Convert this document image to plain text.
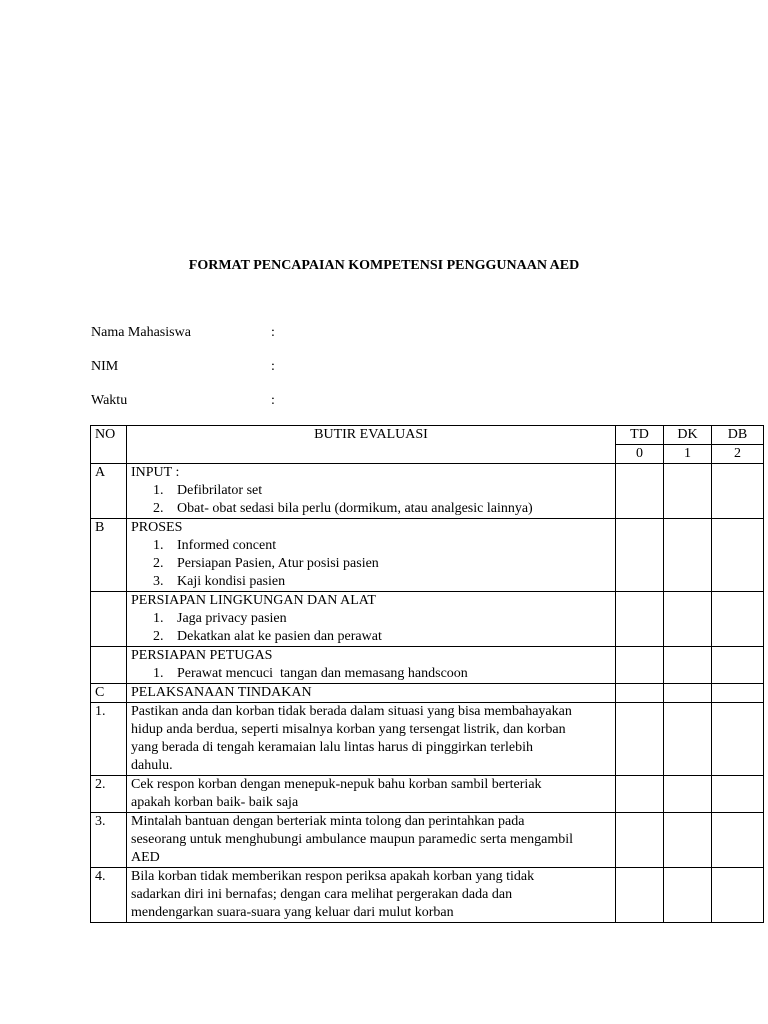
FORMAT PENCAPAIAN KOMPETENSI PENGGUNAAN AED
Nama Mahasiswa	:
NIM	:
Waktu	:
NO	BUTIR EVALUASI	TD	DK	DB
		0	1	2
A	INPUT :
1. Defibrilator set
2. Obat- obat sedasi bila perlu (dormikum, atau analgesic lainnya)			

B	PROSES
1. Informed concent
2. Persiapan Pasien, Atur posisi pasien
3. Kaji kondisi pasien			

	PERSIAPAN LINGKUNGAN DAN ALAT
1. Jaga privacy pasien
2. Dekatkan alat ke pasien dan perawat			

	PERSIAPAN PETUGAS
1. Perawat mencuci  tangan dan memasang handscoon			

C	PELAKSANAAN TINDAKAN			
1.	Pastikan anda dan korban tidak berada dalam situasi yang bisa membahayakan
hidup anda berdua, seperti misalnya korban yang tersengat listrik, dan korban
yang berada di tengah keramaian lalu lintas harus di pinggirkan terlebih
dahulu.			

2.	Cek respon korban dengan menepuk-nepuk bahu korban sambil berteriak
apakah korban baik- baik saja			

3.	Mintalah bantuan dengan berteriak minta tolong dan perintahkan pada
seseorang untuk menghubungi ambulance maupun paramedic serta mengambil
AED			

4.	Bila korban tidak memberikan respon periksa apakah korban yang tidak
sadarkan diri ini bernafas; dengan cara melihat pergerakan dada dan
mendengarkan suara-suara yang keluar dari mulut korban			
